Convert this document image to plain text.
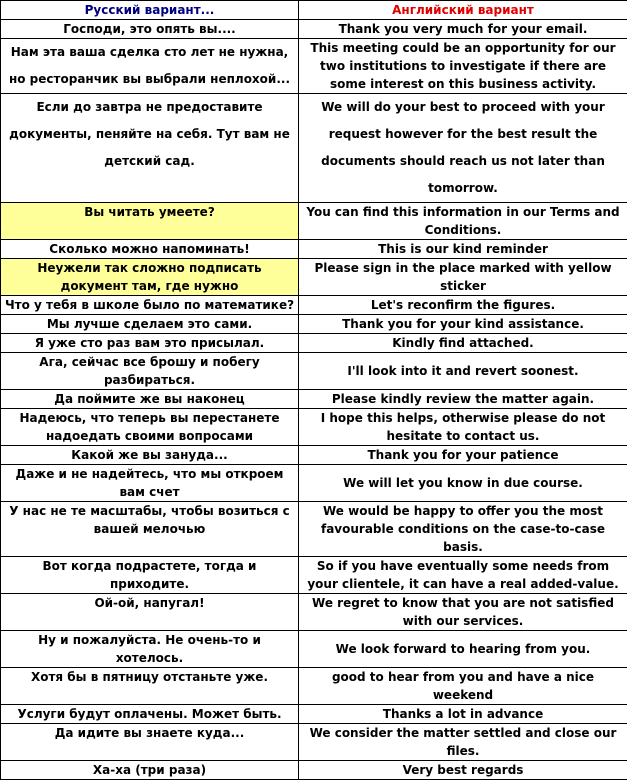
Русский вариант...	Английский вариант
Господи, это опять вы....	Thank you very much for your email.
Нам эта ваша сделка сто лет не нужна, но ресторанчик вы выбрали неплохой...	This meeting could be an opportunity for our two institutions to investigate if there are some interest on this business activity.
Если до завтра не предоставите документы, пеняйте на себя. Тут вам не детский сад.	We will do your best to proceed with your request however for the best result the documents should reach us not later than tomorrow.
Вы читать умеете?	You can find this information in our Terms and Conditions.
Сколько можно напоминать!	This is our kind reminder
Неужели так сложно подписать документ там, где нужно	Please sign in the place marked with yellow sticker
Что у тебя в школе было по математике?	Let's reconfirm the figures.
Мы лучше сделаем это сами.	Thank you for your kind assistance.
Я уже сто раз вам это присылал.	Kindly find attached.
Ага, сейчас все брошу и побегу разбираться.	I'll look into it and revert soonest.
Да поймите же вы наконец	Please kindly review the matter again.
Надеюсь, что теперь вы перестанете надоедать своими вопросами	I hope this helps, otherwise please do not hesitate to contact us.
Какой же вы зануда...	Thank you for your patience
Даже и не надейтесь, что мы откроем вам счет	We will let you know in due course.
У нас не те масштабы, чтобы возиться с вашей мелочью	We would be happy to offer you the most favourable conditions on the case-to-case basis.
Вот когда подрастете, тогда и приходите.	So if you have eventually some needs from your clientele, it can have a real added-value.
Ой-ой, напугал!	We regret to know that you are not satisfied with our services.
Ну и пожалуйста. Не очень-то и хотелось.	We look forward to hearing from you.
Хотя бы в пятницу отстаньте уже.	good to hear from you and have a nice weekend
Услуги будут оплачены. Может быть.	Thanks a lot in advance
Да идите вы знаете куда...	We consider the matter settled and close our files.
Ха-ха (три раза)	Very best regards
